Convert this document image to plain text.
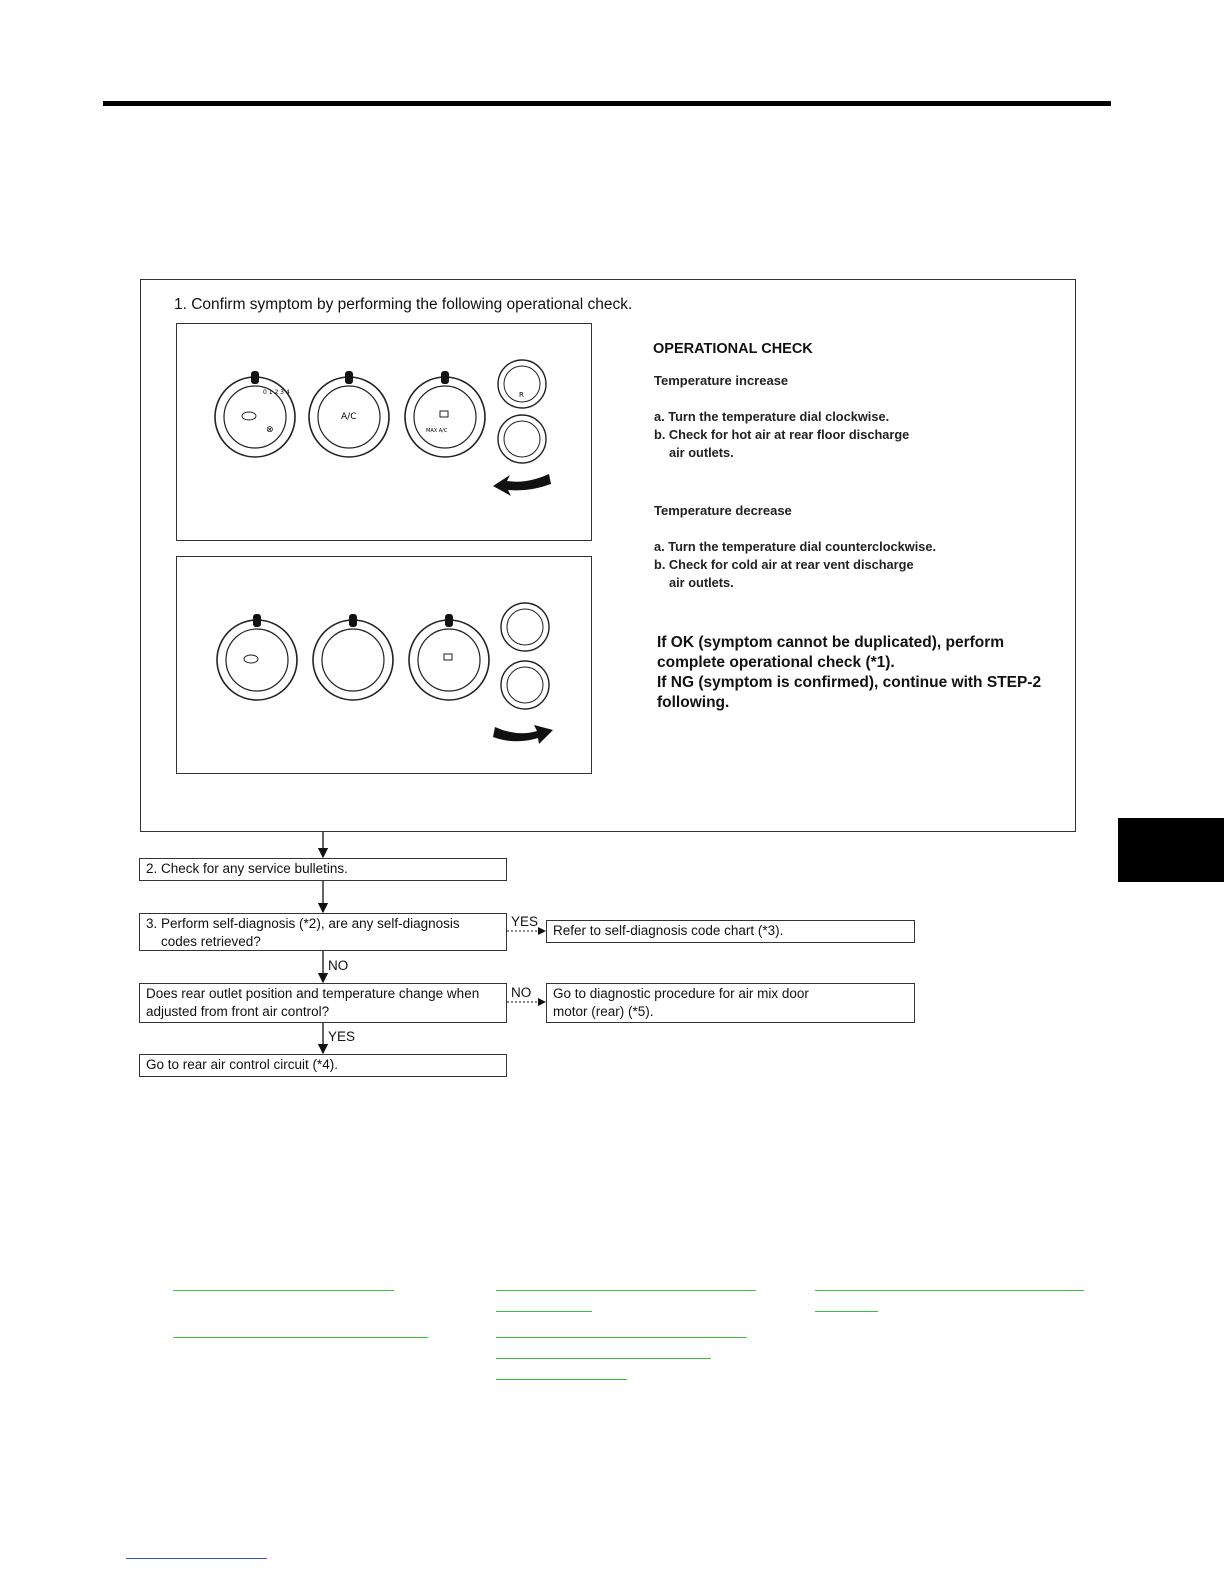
1. Confirm symptom by performing the following operational check.
0 1 2 3 4
⊗
A/C
MAX A/C
R
OPERATIONAL CHECK
Temperature increase
a. Turn the temperature dial clockwise.
b. Check for hot air at rear floor discharge
air outlets.
Temperature decrease
a. Turn the temperature dial counterclockwise.
b. Check for cold air at rear vent discharge
air outlets.
If OK (symptom cannot be duplicated), perform
complete operational check (*1).
If NG (symptom is confirmed), continue with STEP-2
following.
2. Check for any service bulletins.
3. Perform self-diagnosis (*2), are any self-diagnosis
codes retrieved?
YES
Refer to self-diagnosis code chart (*3).
NO
Does rear outlet position and temperature change when
adjusted from front air control?
NO Go to diagnostic procedure for air mix door
motor (rear) (*5).
YES
Go to rear air control circuit (*4).
